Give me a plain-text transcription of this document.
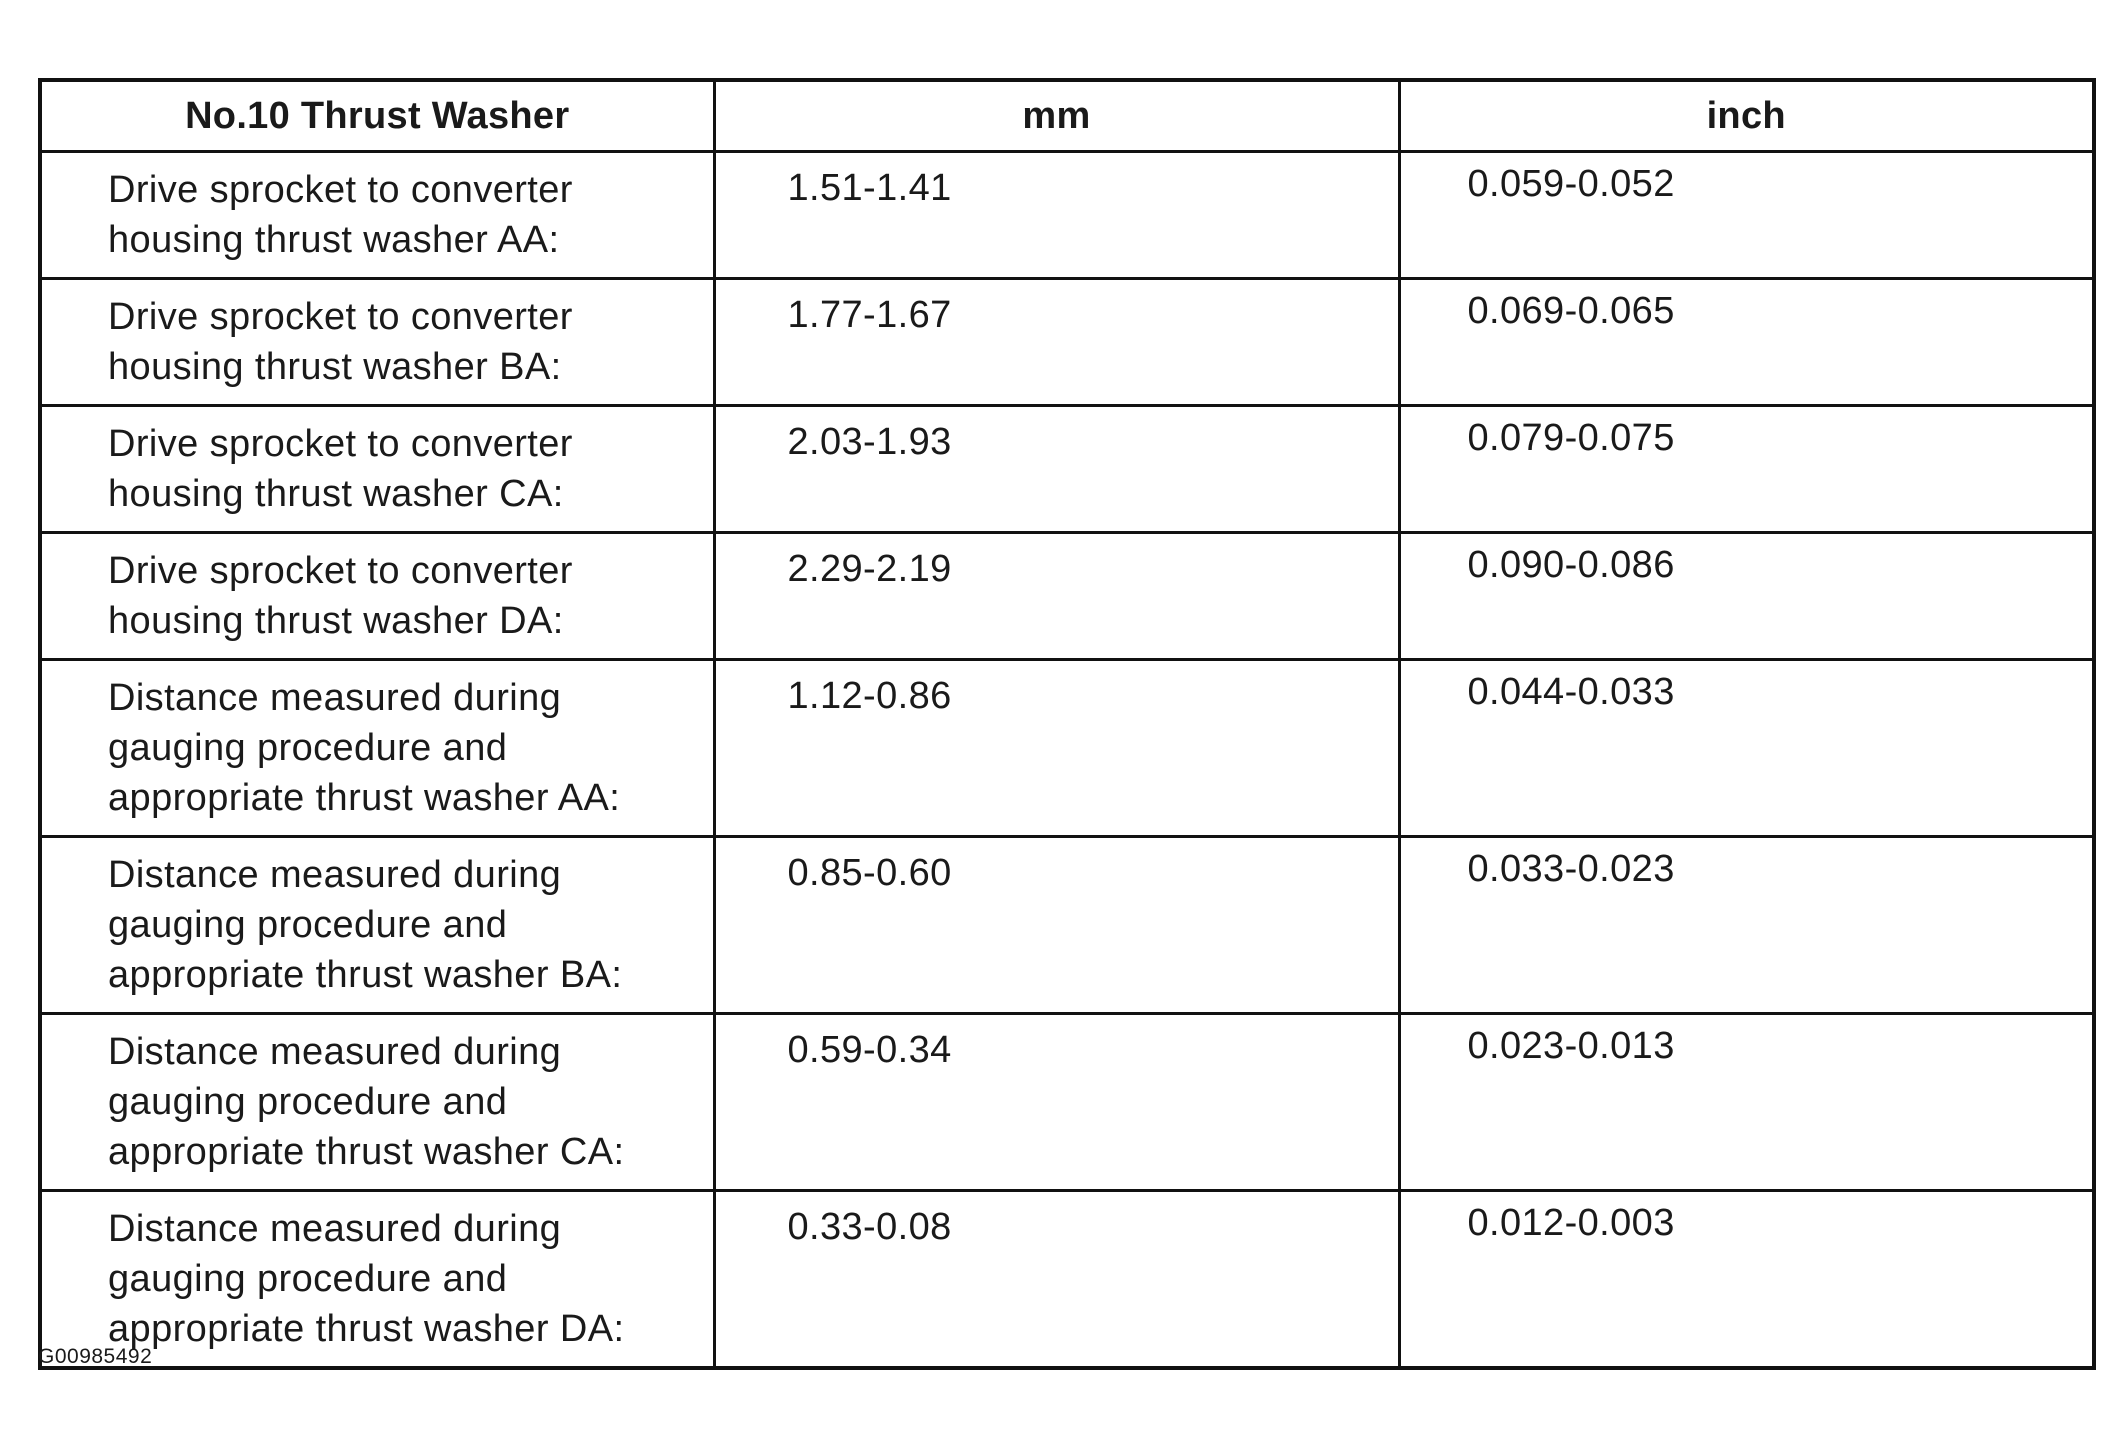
No.10 Thrust Washer	mm	inch

Drive sprocket to converter
housing thrust washer AA:	1.51-1.41	0.059-0.052

Drive sprocket to converter
housing thrust washer BA:	1.77-1.67	0.069-0.065

Drive sprocket to converter
housing thrust washer CA:	2.03-1.93	0.079-0.075

Drive sprocket to converter
housing thrust washer DA:	2.29-2.19	0.090-0.086

Distance measured during
gauging procedure and
appropriate thrust washer AA:	1.12-0.86	0.044-0.033

Distance measured during
gauging procedure and
appropriate thrust washer BA:	0.85-0.60	0.033-0.023

Distance measured during
gauging procedure and
appropriate thrust washer CA:	0.59-0.34	0.023-0.013

Distance measured during
gauging procedure and
appropriate thrust washer DA:	0.33-0.08	0.012-0.003
G00985492
